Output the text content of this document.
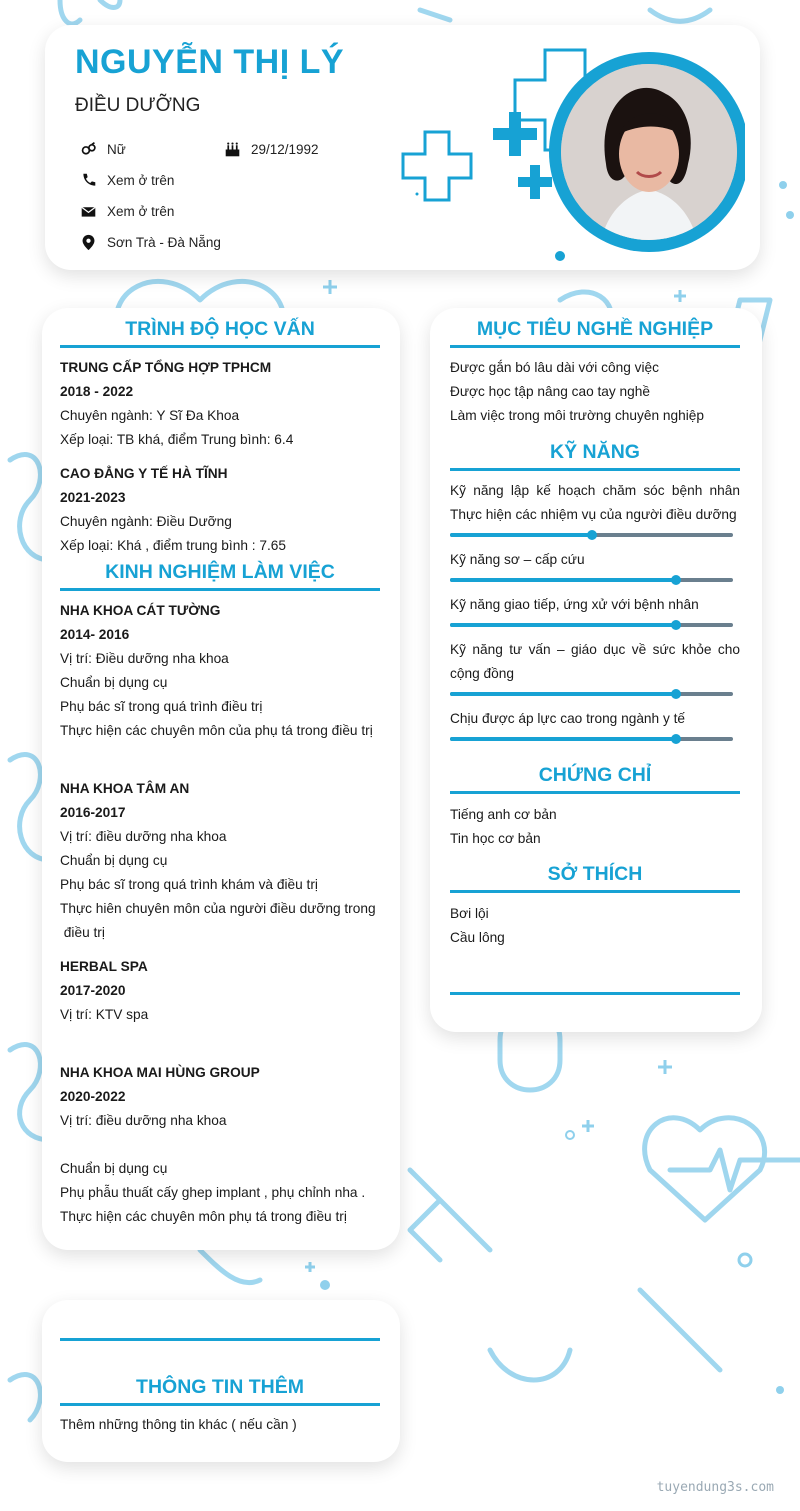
NGUYỄN THỊ LÝ
ĐIỀU DƯỠNG
Nữ	29/12/1992
Xem ở trên
Xem ở trên
Sơn Trà - Đà Nẵng
TRÌNH ĐỘ HỌC VẤN
TRUNG CẤP TỔNG HỢP TPHCM
2018 - 2022
Chuyên ngành: Y Sĩ Đa Khoa
Xếp loại: TB khá, điểm Trung bình: 6.4
CAO ĐẲNG Y TẾ HÀ TĨNH
2021-2023
Chuyên ngành: Điều Dưỡng
Xếp loại: Khá , điểm trung bình : 7.65
KINH NGHIỆM LÀM VIỆC
NHA KHOA CÁT TƯỜNG
2014- 2016
Vị trí: Điều dưỡng nha khoa
Chuẩn bị dụng cụ
Phụ bác sĩ trong quá trình điều trị
Thực hiện các chuyên môn của phụ tá trong điều trị
NHA KHOA TÂM AN
2016-2017
Vị trí: điều dưỡng nha khoa
Chuẩn bị dụng cụ
Phụ bác sĩ trong quá trình khám và điều trị
Thực hiên chuyên môn của người điều dưỡng trong
điều trị
HERBAL SPA
2017-2020
Vị trí: KTV spa
NHA KHOA MAI HÙNG GROUP
2020-2022
Vị trí: điều dưỡng nha khoa
Chuẩn bị dụng cụ
Phụ phẫu thuất cấy ghep implant , phụ chỉnh nha .
Thực hiện các chuyên môn phụ tá trong điều trị
MỤC TIÊU NGHỀ NGHIỆP
Được gắn bó lâu dài với công việc
Được học tập nâng cao tay nghề
Làm việc trong môi trường chuyên nghiệp
KỸ NĂNG
Kỹ năng lập kế hoạch chăm sóc bệnh nhân Thực hiện các nhiệm vụ của người điều dưỡng
Kỹ năng sơ – cấp cứu
Kỹ năng giao tiếp, ứng xử với bệnh nhân
Kỹ năng tư vấn – giáo dục về sức khỏe cho cộng đồng
Chịu được áp lực cao trong ngành y tế
CHỨNG CHỈ
Tiếng anh cơ bản
Tin học cơ bản
SỞ THÍCH
Bơi lội
Cầu lông
THÔNG TIN THÊM
Thêm những thông tin khác ( nếu cần )
tuyendung3s.com
